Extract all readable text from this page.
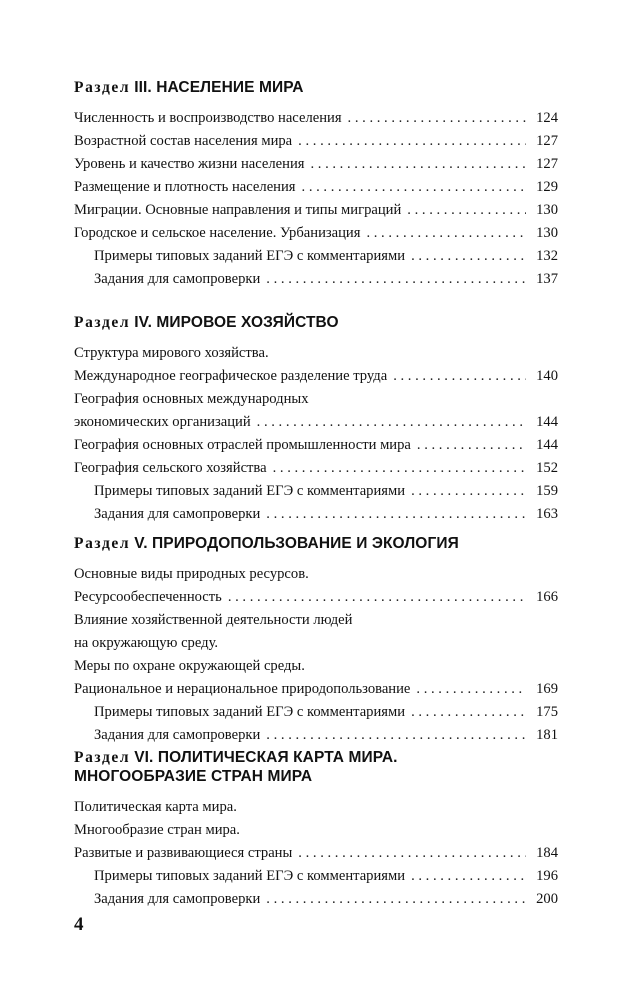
Раздел III. НАСЕЛЕНИЕ МИРА
Численность и воспроизводство населения . . .	124
Возрастной состав населения мира . . .	127
Уровень и качество жизни населения . . .	127
Размещение и плотность населения . . .	129
Миграции. Основные направления и типы миграций . . .	130
Городское и сельское население. Урбанизация . . .	130
Примеры типовых заданий ЕГЭ с комментариями . . .	132
Задания для самопроверки . . .	137
Раздел IV. МИРОВОЕ ХОЗЯЙСТВО
Структура мирового хозяйства.
Международное географическое разделение труда . . .	140
География основных международных
экономических организаций . . .	144
География основных отраслей промышленности мира . . .	144
География сельского хозяйства . . .	152
Примеры типовых заданий ЕГЭ с комментариями . . .	159
Задания для самопроверки . . .	163
Раздел V. ПРИРОДОПОЛЬЗОВАНИЕ И ЭКОЛОГИЯ
Основные виды природных ресурсов.
Ресурсообеспеченность . . .	166
Влияние хозяйственной деятельности людей
на окружающую среду.
Меры по охране окружающей среды.
Рациональное и нерациональное природопользование . . .	169
Примеры типовых заданий ЕГЭ с комментариями . . .	175
Задания для самопроверки . . .	181
Раздел VI. ПОЛИТИЧЕСКАЯ КАРТА МИРА.
МНОГООБРАЗИЕ СТРАН МИРА
Политическая карта мира.
Многообразие стран мира.
Развитые и развивающиеся страны . . .	184
Примеры типовых заданий ЕГЭ с комментариями . . .	196
Задания для самопроверки . . .	200
4
